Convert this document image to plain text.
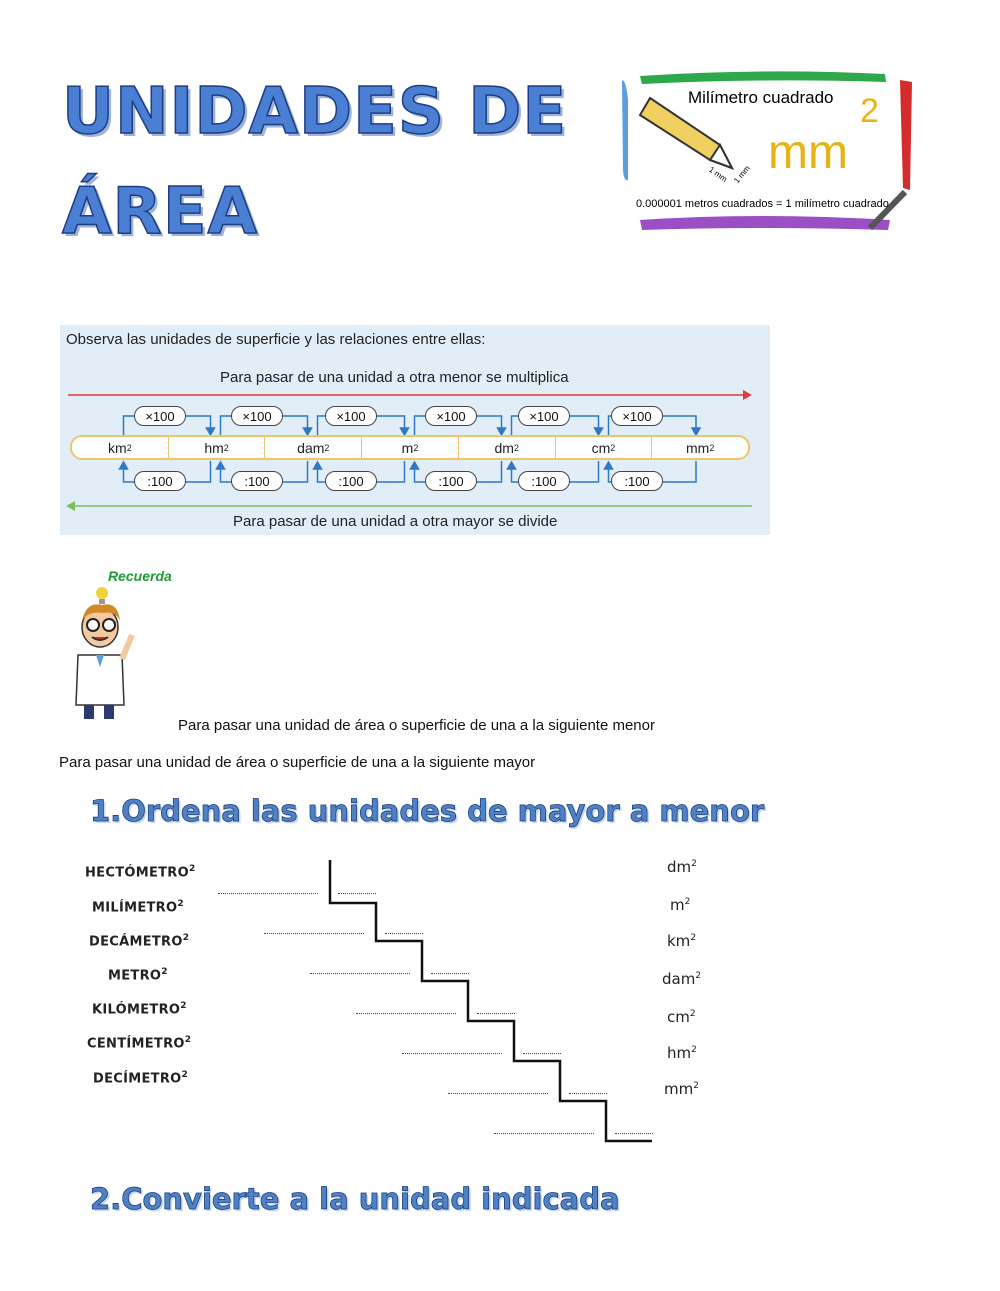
UNIDADES DE
ÁREA
Milímetro cuadrado
mm
2
1 mm 1 mm
0.000001 metros cuadrados = 1 milímetro cuadrado
Observa las unidades de superficie y las relaciones entre ellas:
Para pasar de una unidad a otra menor se multiplica
Para pasar de una unidad a otra mayor se divide
km 2	hm 2	dam 2	m 2	dm 2	cm 2	mm 2
×100	×100	×100	×100	×100	×100
:100	:100	:100	:100	:100	:100
Recuerda
Para pasar una unidad de área o superficie de una a la siguiente menor
Para pasar una unidad de área o superficie de una a la siguiente mayor
1.Ordena las unidades de mayor a menor
HECTÓMETRO$^2$
MILÍMETRO$^2$
DECÁMETRO$^2$
METRO$^2$
KILÓMETRO$^2$
CENTÍMETRO$^2$
DECÍMETRO$^2$
$dm^2$
$m^2$
$km^2$
dam$^2$
$cm^2$
$hm^2$
$mm^2$
2.Convierte a la unidad indicada
